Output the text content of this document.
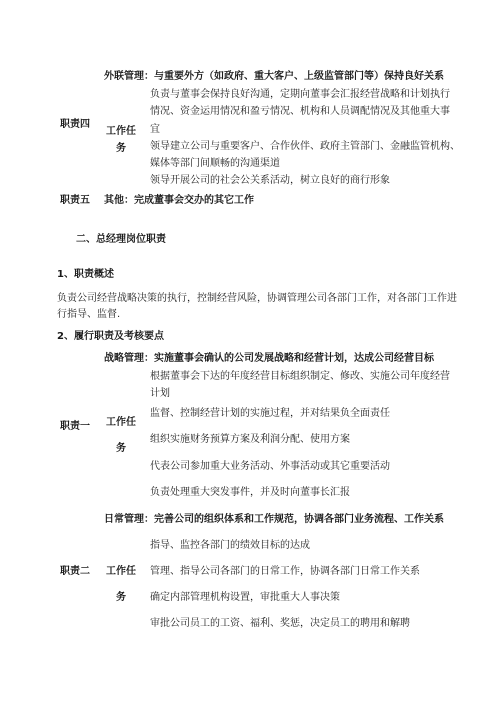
外联管理：与重要外方（如政府、重大客户、上级监管部门等）保持良好关系
职责四
工作任
务
负责与董事会保持良好沟通，定期向董事会汇报经营战略和计划执行
情况、资金运用情况和盈亏情况、机构和人员调配情况及其他重大事
宜
领导建立公司与重要客户、合作伙伴、政府主管部门、金融监管机构、
媒体等部门间顺畅的沟通渠道
领导开展公司的社会公关系活动，树立良好的商行形象
职责五 其他：完成董事会交办的其它工作
二、总经理岗位职责
1、职责概述
负责公司经营战略决策的执行，控制经营风险，协调管理公司各部门工作，对各部门工作进
行指导、监督.
2、履行职责及考核要点
战略管理：实施董事会确认的公司发展战略和经营计划，达成公司经营目标
职责一 工作任
务
根据董事会下达的年度经营目标组织制定、修改、实施公司年度经营
计划
监督、控制经营计划的实施过程，并对结果负全面责任
组织实施财务预算方案及利润分配、使用方案
代表公司参加重大业务活动、外事活动或其它重要活动
负责处理重大突发事件，并及时向董事长汇报
日常管理：完善公司的组织体系和工作规范，协调各部门业务流程、工作关系
职责二 工作任
务
指导、监控各部门的绩效目标的达成
管理、指导公司各部门的日常工作，协调各部门日常工作关系
确定内部管理机构设置，审批重大人事决策
审批公司员工的工资、福利、奖惩，决定员工的聘用和解聘
